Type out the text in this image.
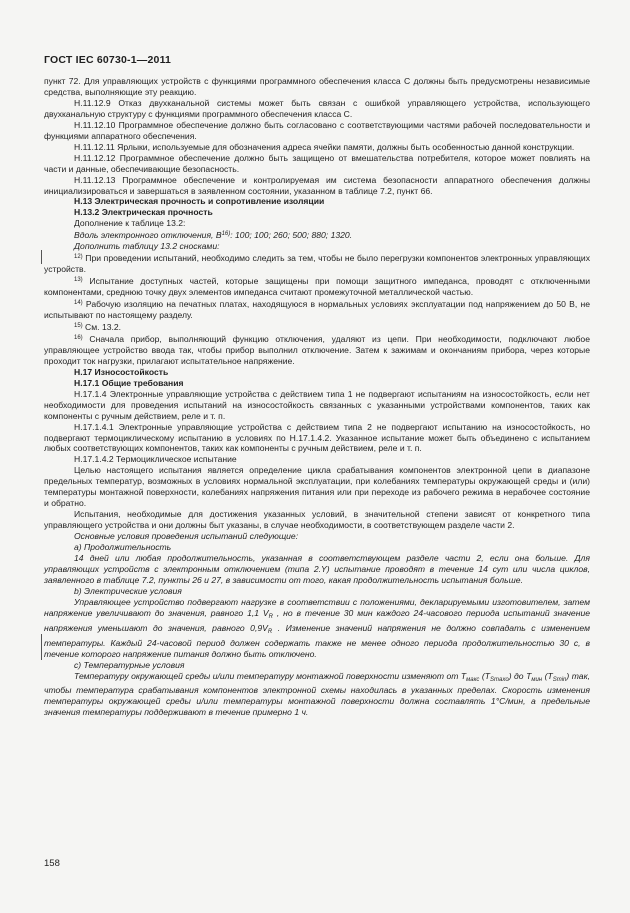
ГОСТ IEC 60730-1—2011

пункт 72. Для управляющих устройств с функциями программного обеспечения класса С должны быть предусмотрены независимые средства, выполняющие эту реакцию.

Н.11.12.9 Отказ двухканальной системы может быть связан с ошибкой управляющего устройства, использующего двухканальную структуру с функциями программного обеспечения класса С.

Н.11.12.10 Программное обеспечение должно быть согласовано с соответствующими частями рабочей последовательности и функциями аппаратного обеспечения.

Н.11.12.11 Ярлыки, используемые для обозначения адреса ячейки памяти, должны быть особенностью данной конструкции.

Н.11.12.12 Программное обеспечение должно быть защищено от вмешательства потребителя, которое может повлиять на части и данные, обеспечивающие безопасность.

Н.11.12.13 Программное обеспечение и контролируемая им система безопасности аппаратного обеспечения должны инициализироваться и завершаться в заявленном состоянии, указанном в таблице 7.2, пункт 66.

Н.13 Электрическая прочность и сопротивление изоляции

Н.13.2 Электрическая прочность

Дополнение к таблице 13.2:

Вдоль электронного отключения, $В^{16)}$: 100; 100; 260; 500; 880; 1320.

Дополнить таблицу 13.2 сносками:

$^{12)}$ При проведении испытаний, необходимо следить за тем, чтобы не было перегрузки компонентов электронных управляющих устройств.

$^{13)}$ Испытание доступных частей, которые защищены при помощи защитного импеданса, проводят с отключенными компонентами, среднюю точку двух элементов импеданса считают промежуточной металлической частью.

$^{14)}$ Рабочую изоляцию на печатных платах, находящуюся в нормальных условиях эксплуатации под напряжением до 50 В, не испытывают по настоящему разделу.

$^{15)}$ См. 13.2.

$^{16)}$ Сначала прибор, выполняющий функцию отключения, удаляют из цепи. При необходимости, подключают любое управляющее устройство ввода так, чтобы прибор выполнил отключение. Затем к зажимам и окончаниям прибора, через которые проходит ток нагрузки, прилагают испытательное напряжение.

Н.17 Износостойкость

Н.17.1 Общие требования

Н.17.1.4 Электронные управляющие устройства с действием типа 1 не подвергают испытаниям на износостойкость, если нет необходимости для проведения испытаний на износостойкость связанных с указанными устройствами компонентов, таких как компоненты с ручным действием, реле и т. п.

Н.17.1.4.1 Электронные управляющие устройства с действием типа 2 не подвергают испытанию на износостойкость, но подвергают термоциклическому испытанию в условиях по Н.17.1.4.2. Указанное испытание может быть объединено с испытанием любых соответствующих компонентов, таких как компоненты с ручным действием, реле и т. п.

Н.17.1.4.2 Термоциклическое испытание

Целью настоящего испытания является определение цикла срабатывания компонентов электронной цепи в диапазоне предельных температур, возможных в условиях нормальной эксплуатации, при колебаниях температуры окружающей среды и (или) температуры монтажной поверхности, колебаниях напряжения питания или при переходе из рабочего режима в нерабочее состояние и обратно.

Испытания, необходимые для достижения указанных условий, в значительной степени зависят от конкретного типа управляющего устройства и они должны быт указаны, в случае необходимости, в соответствующем разделе части 2.

Основные условия проведения испытаний следующие:

а) Продолжительность

14 дней или любая продолжительность, указанная в соответствующем разделе части 2, если она больше. Для управляющих устройств с электронным отключением (типа 2.Y) испытание проводят в течение 14 сут или числа циклов, заявленного в таблице 7.2, пункты 26 и 27, в зависимости от того, какая продолжительность испытания больше.

b) Электрические условия

Управляющее устройство подвергают нагрузке в соответствии с положениями, декларируемыми изготовителем, затем напряжение увеличивают до значения, равного 1,1 $V_R$ , но в течение 30 мин каждого 24-часового периода испытаний значение напряжения уменьшают до значения, равного $0,9V_R$ . Изменение значений напряжения не должно совпадать с изменением температуры. Каждый 24-часовой период должен содержать также не менее одного периода продолжительностью 30 с, в течение которого напряжение питания должно быть отключено.

с) Температурные условия

Температуру окружающей среды и/или температуру монтажной поверхности изменяют от $T_{макс}$ $(T_{Smaxo})$ до $T_{мин}$ $(T_{Smin})$ так, чтобы температура срабатывания компонентов электронной схемы находилась в указанных пределах. Скорость изменения температуры окружающей среды и/или температуры монтажной поверхности должна составлять 1°С/мин, а предельные значения температуры поддерживают в течение примерно 1 ч.

158
